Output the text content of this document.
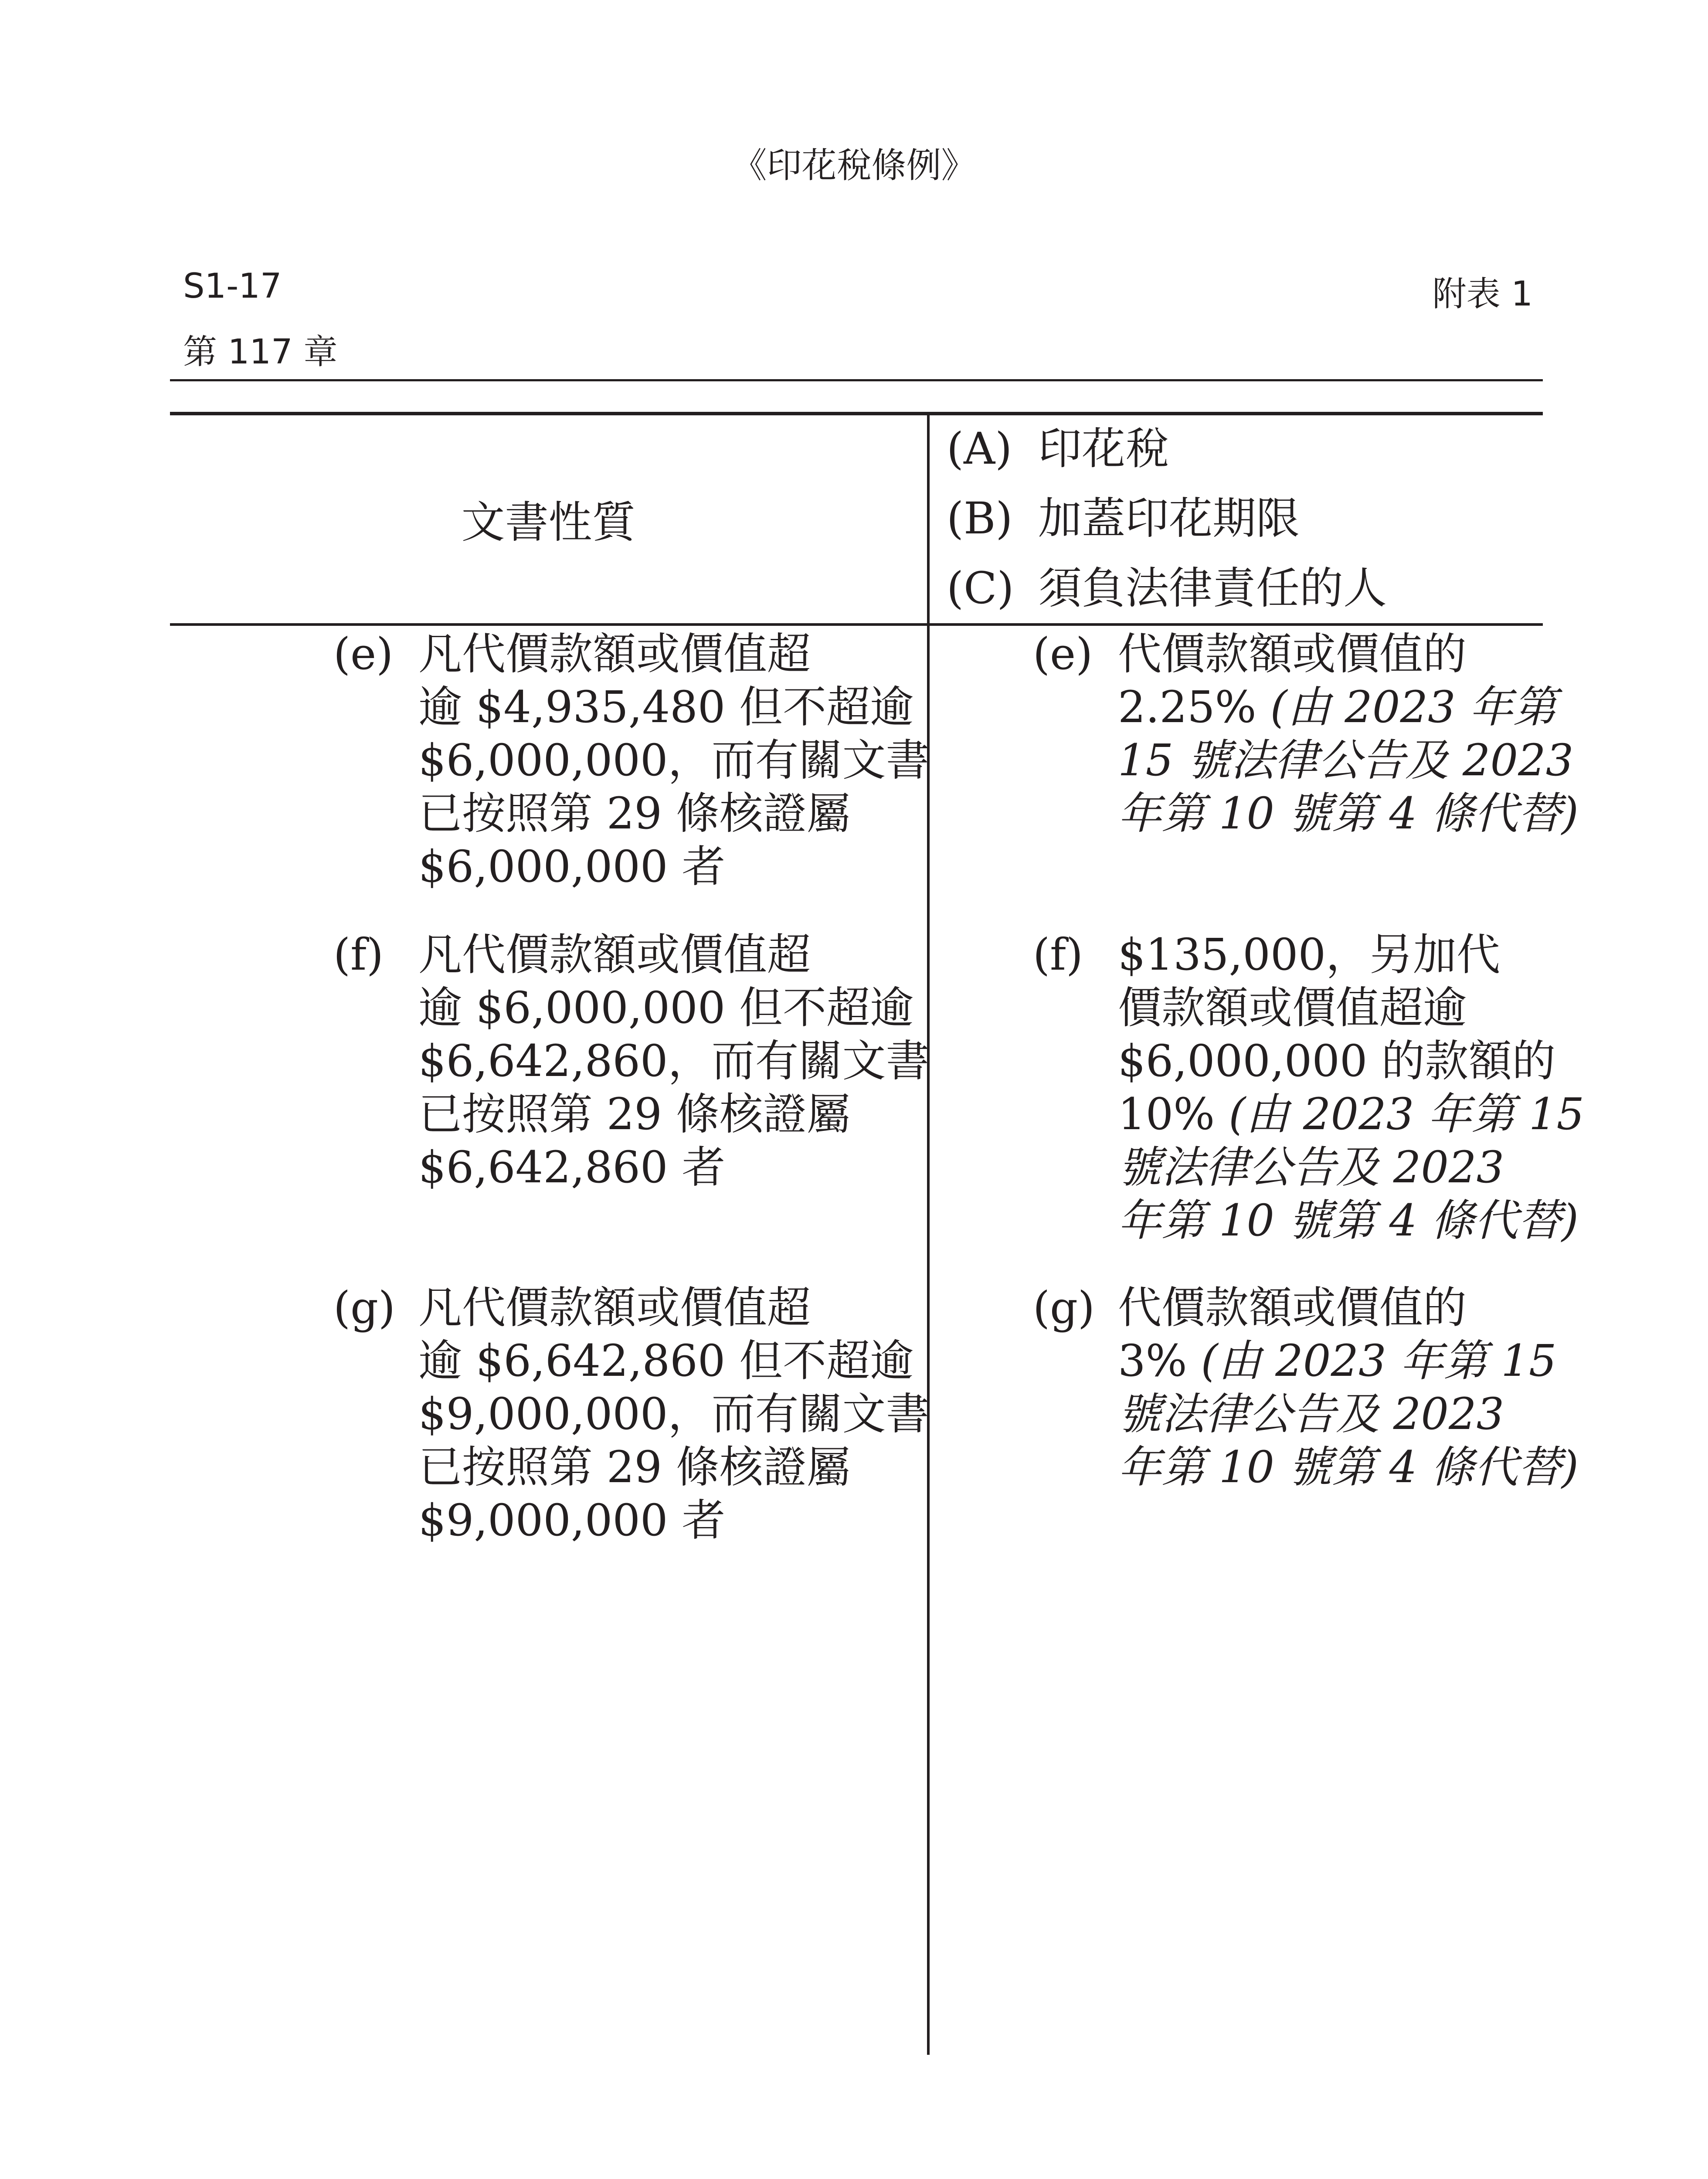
《印花稅條例》
S1-17
第 117 章
附表 1
文書性質
(A) 印花稅
(B) 加蓋印花期限
(C) 須負法律責任的人
(e) 凡代價款額或價值超
逾 $4,935,480 但不超逾
$6,000,000，而有關文書
已按照第 29 條核證屬
$6,000,000 者
(f) 凡代價款額或價值超
逾 $6,000,000 但不超逾
$6,642,860，而有關文書
已按照第 29 條核證屬
$6,642,860 者
(g) 凡代價款額或價值超
逾 $6,642,860 但不超逾
$9,000,000，而有關文書
已按照第 29 條核證屬
$9,000,000 者
(e) 代價款額或價值的
2.25% (由 2023 年第
15 號法律公告及 2023
年第 10 號第 4 條代替)
(f) $135,000，另加代
價款額或價值超逾
$6,000,000 的款額的
10% (由 2023 年第 15
號法律公告及 2023
年第 10 號第 4 條代替)
(g) 代價款額或價值的
3% (由 2023 年第 15
號法律公告及 2023
年第 10 號第 4 條代替)
